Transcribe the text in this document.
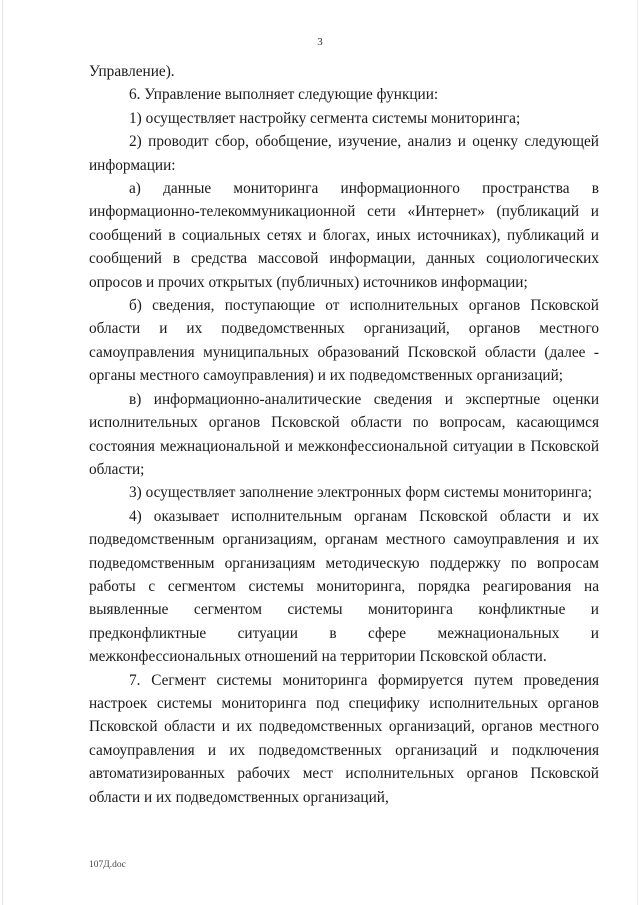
3

Управление).

6. Управление выполняет следующие функции:

1) осуществляет настройку сегмента системы мониторинга;

2) проводит сбор, обобщение, изучение, анализ и оценку следующей информации:

а) данные мониторинга информационного пространства в информационно-телекоммуникационной сети «Интернет» (публикаций и сообщений в социальных сетях и блогах, иных источниках), публикаций и сообщений в средства массовой информации, данных социологических опросов и прочих открытых (публичных) источников информации;

б) сведения, поступающие от исполнительных органов Псковской области и их подведомственных организаций, органов местного самоуправления муниципальных образований Псковской области (далее - органы местного самоуправления) и их подведомственных организаций;

в) информационно-аналитические сведения и экспертные оценки исполнительных органов Псковской области по вопросам, касающимся состояния межнациональной и межконфессиональной ситуации в Псковской области;

3) осуществляет заполнение электронных форм системы мониторинга;

4) оказывает исполнительным органам Псковской области и их подведомственным организациям, органам местного самоуправления и их подведомственным организациям методическую поддержку по вопросам работы с сегментом системы мониторинга, порядка реагирования на выявленные сегментом системы мониторинга конфликтные и предконфликтные ситуации в сфере межнациональных и межконфессиональных отношений на территории Псковской области.

7. Сегмент системы мониторинга формируется путем проведения настроек системы мониторинга под специфику исполнительных органов Псковской области и их подведомственных организаций, органов местного самоуправления и их подведомственных организаций и подключения автоматизированных рабочих мест исполнительных органов Псковской области и их подведомственных организаций,

107Д.doc
